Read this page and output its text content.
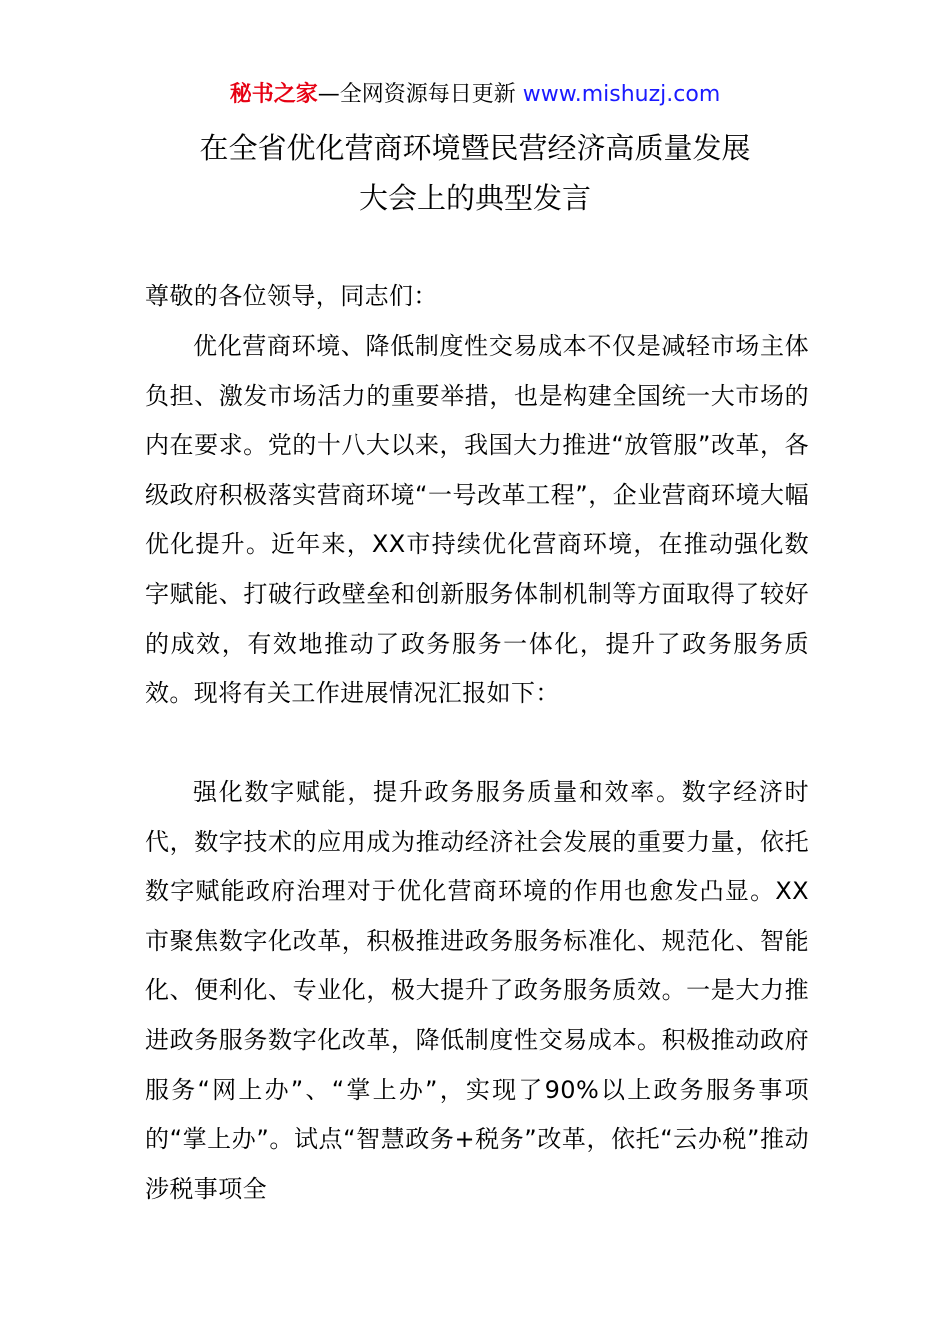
秘书之家—全网资源每日更新 www.mishuzj.com
在全省优化营商环境暨民营经济高质量发展
大会上的典型发言

尊敬的各位领导，同志们：

优化营商环境、降低制度性交易成本不仅是减轻市场主体负担、激发市场活力的重要举措，也是构建全国统一大市场的内在要求。党的十八大以来，我国大力推进“放管服”改革，各级政府积极落实营商环境“一号改革工程”，企业营商环境大幅优化提升。近年来，XX市持续优化营商环境，在推动强化数字赋能、打破行政壁垒和创新服务体制机制等方面取得了较好的成效，有效地推动了政务服务一体化，提升了政务服务质效。现将有关工作进展情况汇报如下：

强化数字赋能，提升政务服务质量和效率。数字经济时代，数字技术的应用成为推动经济社会发展的重要力量，依托数字赋能政府治理对于优化营商环境的作用也愈发凸显。XX市聚焦数字化改革，积极推进政务服务标准化、规范化、智能化、便利化、专业化，极大提升了政务服务质效。一是大力推进政务服务数字化改革，降低制度性交易成本。积极推动政府服务“网上办”、“掌上办”，实现了90%以上政务服务事项的“掌上办”。试点“智慧政务+税务”改革，依托“云办税”推动涉税事项全
